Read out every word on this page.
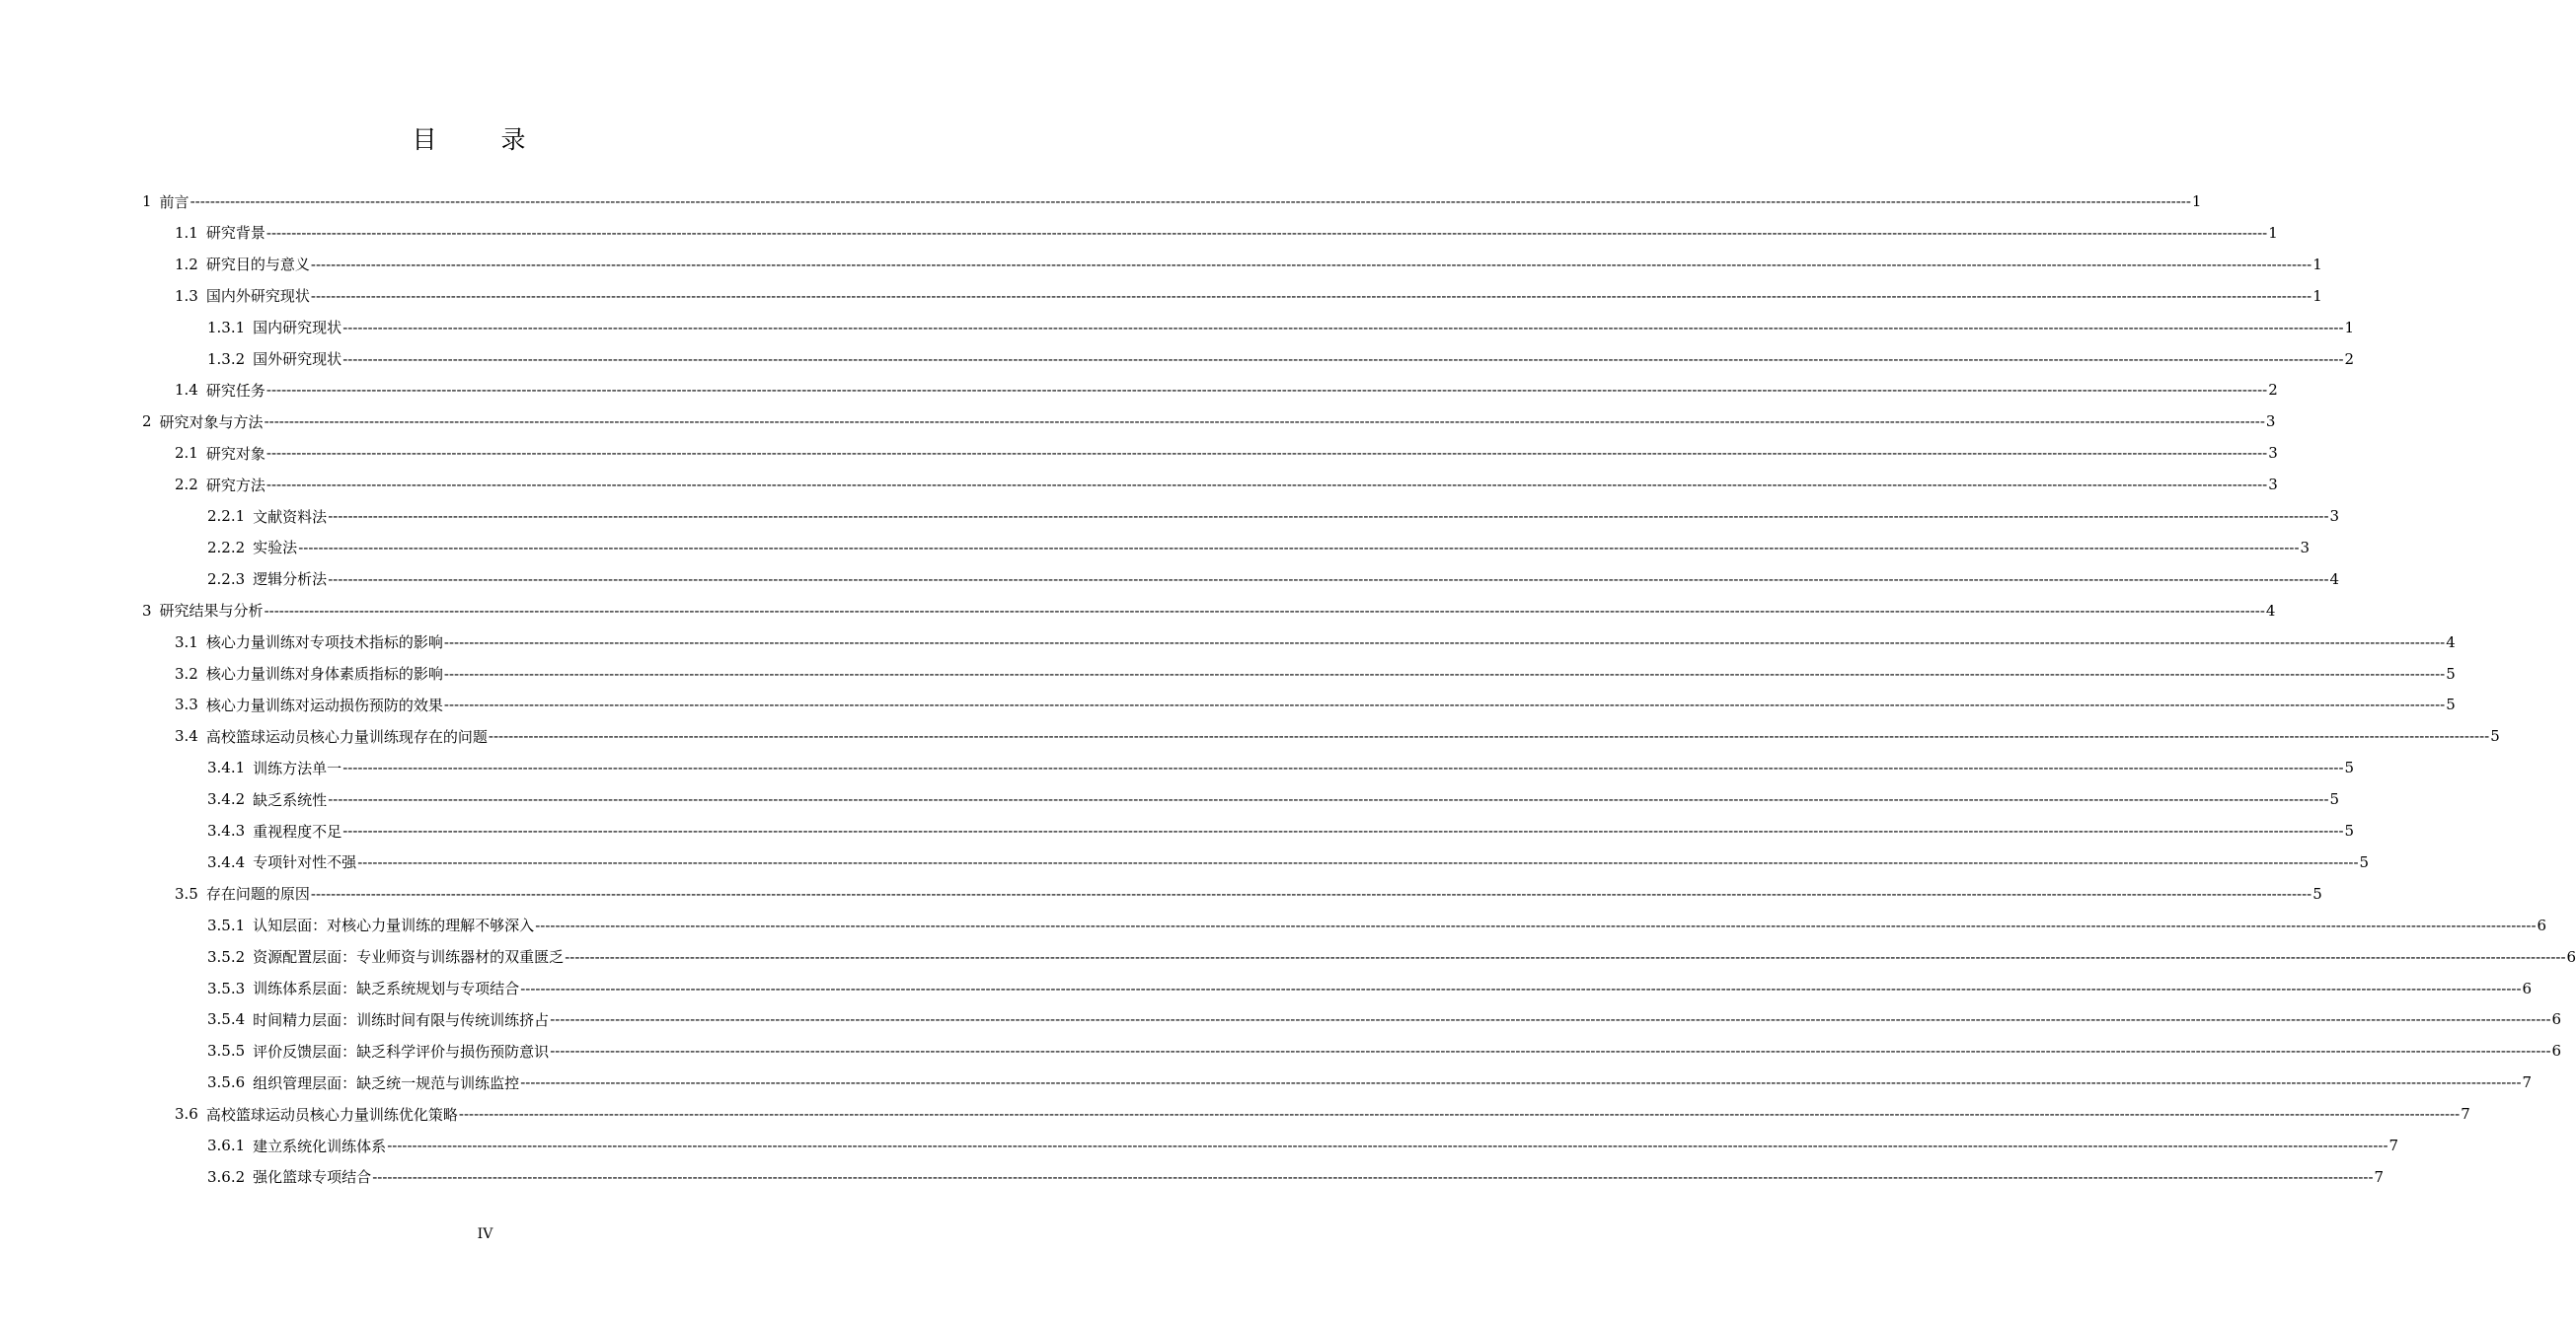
目　录
1 前言 ---------------------------------------------------------------------------------------------------------------------------------------------------------------------------------------------------------------------------------------------------------------------------------------------------------------------------------------------------------------------------------------------------------------- 1
1.1 研究背景 ---------------------------------------------------------------------------------------------------------------------------------------------------------------------------------------------------------------------------------------------------------------------------------------------------------------------------------------------------------------------------------------------------------------- 1
1.2 研究目的与意义 ---------------------------------------------------------------------------------------------------------------------------------------------------------------------------------------------------------------------------------------------------------------------------------------------------------------------------------------------------------------------------------------------------------------- 1
1.3 国内外研究现状 ---------------------------------------------------------------------------------------------------------------------------------------------------------------------------------------------------------------------------------------------------------------------------------------------------------------------------------------------------------------------------------------------------------------- 1
1.3.1 国内研究现状 ---------------------------------------------------------------------------------------------------------------------------------------------------------------------------------------------------------------------------------------------------------------------------------------------------------------------------------------------------------------------------------------------------------------- 1
1.3.2 国外研究现状 ---------------------------------------------------------------------------------------------------------------------------------------------------------------------------------------------------------------------------------------------------------------------------------------------------------------------------------------------------------------------------------------------------------------- 2
1.4 研究任务 ---------------------------------------------------------------------------------------------------------------------------------------------------------------------------------------------------------------------------------------------------------------------------------------------------------------------------------------------------------------------------------------------------------------- 2
2 研究对象与方法 ---------------------------------------------------------------------------------------------------------------------------------------------------------------------------------------------------------------------------------------------------------------------------------------------------------------------------------------------------------------------------------------------------------------- 3
2.1 研究对象 ---------------------------------------------------------------------------------------------------------------------------------------------------------------------------------------------------------------------------------------------------------------------------------------------------------------------------------------------------------------------------------------------------------------- 3
2.2 研究方法 ---------------------------------------------------------------------------------------------------------------------------------------------------------------------------------------------------------------------------------------------------------------------------------------------------------------------------------------------------------------------------------------------------------------- 3
2.2.1 文献资料法 ---------------------------------------------------------------------------------------------------------------------------------------------------------------------------------------------------------------------------------------------------------------------------------------------------------------------------------------------------------------------------------------------------------------- 3
2.2.2 实验法 ---------------------------------------------------------------------------------------------------------------------------------------------------------------------------------------------------------------------------------------------------------------------------------------------------------------------------------------------------------------------------------------------------------------- 3
2.2.3 逻辑分析法 ---------------------------------------------------------------------------------------------------------------------------------------------------------------------------------------------------------------------------------------------------------------------------------------------------------------------------------------------------------------------------------------------------------------- 4
3 研究结果与分析 ---------------------------------------------------------------------------------------------------------------------------------------------------------------------------------------------------------------------------------------------------------------------------------------------------------------------------------------------------------------------------------------------------------------- 4
3.1 核心力量训练对专项技术指标的影响 ---------------------------------------------------------------------------------------------------------------------------------------------------------------------------------------------------------------------------------------------------------------------------------------------------------------------------------------------------------------------------------------------------------------- 4
3.2 核心力量训练对身体素质指标的影响 ---------------------------------------------------------------------------------------------------------------------------------------------------------------------------------------------------------------------------------------------------------------------------------------------------------------------------------------------------------------------------------------------------------------- 5
3.3 核心力量训练对运动损伤预防的效果 ---------------------------------------------------------------------------------------------------------------------------------------------------------------------------------------------------------------------------------------------------------------------------------------------------------------------------------------------------------------------------------------------------------------- 5
3.4 高校篮球运动员核心力量训练现存在的问题 ---------------------------------------------------------------------------------------------------------------------------------------------------------------------------------------------------------------------------------------------------------------------------------------------------------------------------------------------------------------------------------------------------------------- 5
3.4.1 训练方法单一 ---------------------------------------------------------------------------------------------------------------------------------------------------------------------------------------------------------------------------------------------------------------------------------------------------------------------------------------------------------------------------------------------------------------- 5
3.4.2 缺乏系统性 ---------------------------------------------------------------------------------------------------------------------------------------------------------------------------------------------------------------------------------------------------------------------------------------------------------------------------------------------------------------------------------------------------------------- 5
3.4.3 重视程度不足 ---------------------------------------------------------------------------------------------------------------------------------------------------------------------------------------------------------------------------------------------------------------------------------------------------------------------------------------------------------------------------------------------------------------- 5
3.4.4 专项针对性不强 ---------------------------------------------------------------------------------------------------------------------------------------------------------------------------------------------------------------------------------------------------------------------------------------------------------------------------------------------------------------------------------------------------------------- 5
3.5 存在问题的原因 ---------------------------------------------------------------------------------------------------------------------------------------------------------------------------------------------------------------------------------------------------------------------------------------------------------------------------------------------------------------------------------------------------------------- 5
3.5.1 认知层面：对核心力量训练的理解不够深入 ---------------------------------------------------------------------------------------------------------------------------------------------------------------------------------------------------------------------------------------------------------------------------------------------------------------------------------------------------------------------------------------------------------------- 6
3.5.2 资源配置层面：专业师资与训练器材的双重匮乏 ---------------------------------------------------------------------------------------------------------------------------------------------------------------------------------------------------------------------------------------------------------------------------------------------------------------------------------------------------------------------------------------------------------------- 6
3.5.3 训练体系层面：缺乏系统规划与专项结合 ---------------------------------------------------------------------------------------------------------------------------------------------------------------------------------------------------------------------------------------------------------------------------------------------------------------------------------------------------------------------------------------------------------------- 6
3.5.4 时间精力层面：训练时间有限与传统训练挤占 ---------------------------------------------------------------------------------------------------------------------------------------------------------------------------------------------------------------------------------------------------------------------------------------------------------------------------------------------------------------------------------------------------------------- 6
3.5.5 评价反馈层面：缺乏科学评价与损伤预防意识 ---------------------------------------------------------------------------------------------------------------------------------------------------------------------------------------------------------------------------------------------------------------------------------------------------------------------------------------------------------------------------------------------------------------- 6
3.5.6 组织管理层面：缺乏统一规范与训练监控 ---------------------------------------------------------------------------------------------------------------------------------------------------------------------------------------------------------------------------------------------------------------------------------------------------------------------------------------------------------------------------------------------------------------- 7
3.6 高校篮球运动员核心力量训练优化策略 ---------------------------------------------------------------------------------------------------------------------------------------------------------------------------------------------------------------------------------------------------------------------------------------------------------------------------------------------------------------------------------------------------------------- 7
3.6.1 建立系统化训练体系 ---------------------------------------------------------------------------------------------------------------------------------------------------------------------------------------------------------------------------------------------------------------------------------------------------------------------------------------------------------------------------------------------------------------- 7
3.6.2 强化篮球专项结合 ---------------------------------------------------------------------------------------------------------------------------------------------------------------------------------------------------------------------------------------------------------------------------------------------------------------------------------------------------------------------------------------------------------------- 7
IV
